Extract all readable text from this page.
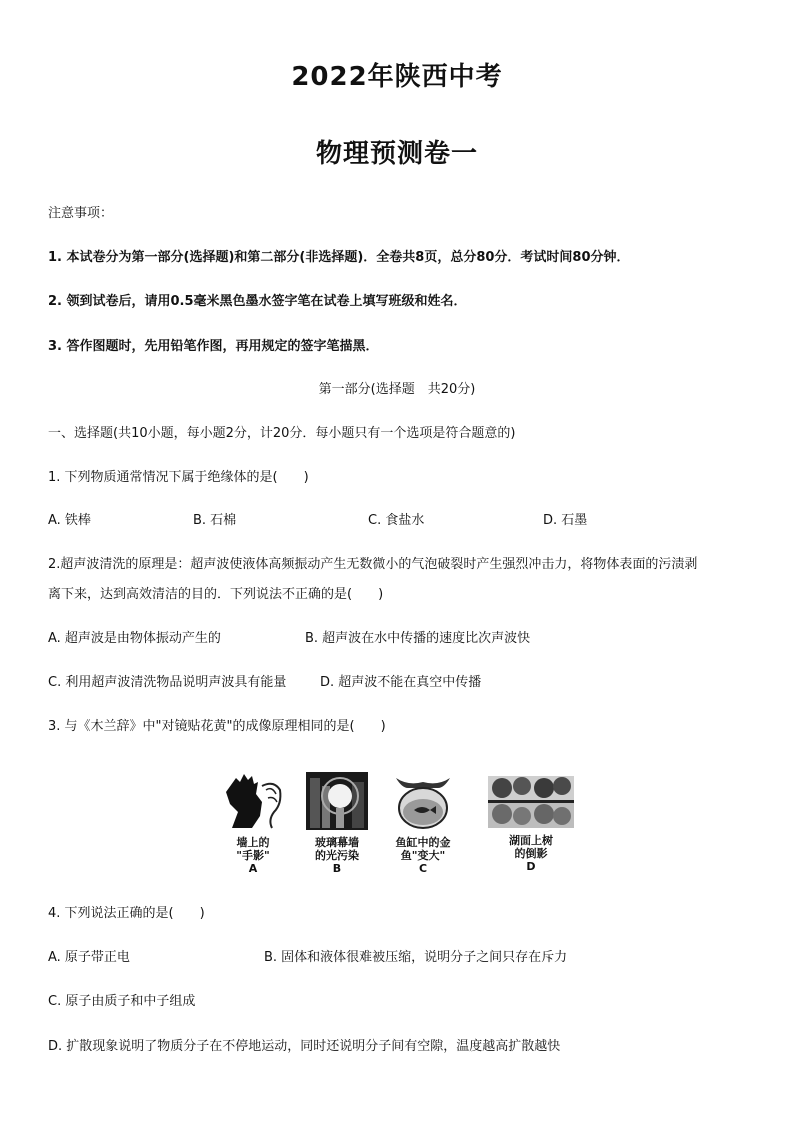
2022年陕西中考
物理预测卷一
注意事项：
1. 本试卷分为第一部分(选择题)和第二部分(非选择题)．全卷共8页，总分80分．考试时间80分钟．
2. 领到试卷后，请用0.5毫米黑色墨水签字笔在试卷上填写班级和姓名．
3. 答作图题时，先用铅笔作图，再用规定的签字笔描黑．
第一部分(选择题　共20分)
一、选择题(共10小题，每小题2分，计20分．每小题只有一个选项是符合题意的)
1. 下列物质通常情况下属于绝缘体的是(　　)
A. 铁棒	B. 石棉	C. 食盐水	D. 石墨
2.超声波清洗的原理是：超声波使液体高频振动产生无数微小的气泡破裂时产生强烈冲击力，将物体表面的污渍剥
离下来，达到高效清洁的目的．下列说法不正确的是(　　)
A. 超声波是由物体振动产生的	B. 超声波在水中传播的速度比次声波快
C. 利用超声波清洗物品说明声波具有能量	D. 超声波不能在真空中传播
3. 与《木兰辞》中"对镜贴花黄"的成像原理相同的是(　　)
墙上的
"手影"
A
玻璃幕墙
的光污染
B
鱼缸中的金
鱼"变大"
C
湖面上树
的倒影
D
4. 下列说法正确的是(　　)
A. 原子带正电	B. 固体和液体很难被压缩，说明分子之间只存在斥力
C. 原子由质子和中子组成
D. 扩散现象说明了物质分子在不停地运动，同时还说明分子间有空隙，温度越高扩散越快
